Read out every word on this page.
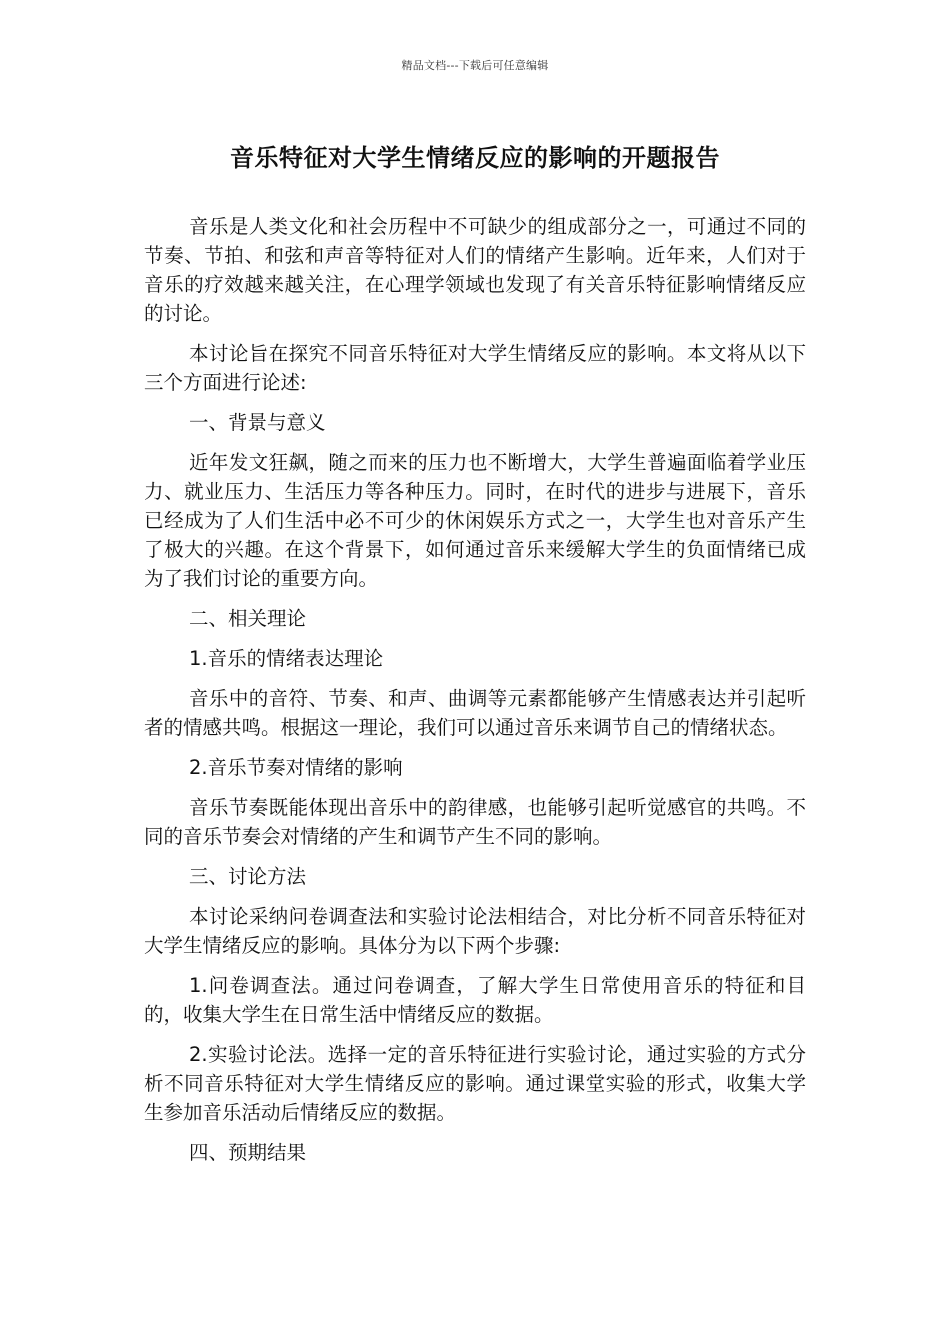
精品文档---下载后可任意编辑
音乐特征对大学生情绪反应的影响的开题报告

音乐是人类文化和社会历程中不可缺少的组成部分之一，可通过不同的节奏、节拍、和弦和声音等特征对人们的情绪产生影响。近年来，人们对于音乐的疗效越来越关注，在心理学领域也发现了有关音乐特征影响情绪反应的讨论。

本讨论旨在探究不同音乐特征对大学生情绪反应的影响。本文将从以下三个方面进行论述:

一、背景与意义

近年发文狂飙，随之而来的压力也不断增大，大学生普遍面临着学业压力、就业压力、生活压力等各种压力。同时，在时代的进步与进展下，音乐已经成为了人们生活中必不可少的休闲娱乐方式之一，大学生也对音乐产生了极大的兴趣。在这个背景下，如何通过音乐来缓解大学生的负面情绪已成为了我们讨论的重要方向。

二、相关理论

1.音乐的情绪表达理论

音乐中的音符、节奏、和声、曲调等元素都能够产生情感表达并引起听者的情感共鸣。根据这一理论，我们可以通过音乐来调节自己的情绪状态。

2.音乐节奏对情绪的影响

音乐节奏既能体现出音乐中的韵律感，也能够引起听觉感官的共鸣。不同的音乐节奏会对情绪的产生和调节产生不同的影响。

三、讨论方法

本讨论采纳问卷调查法和实验讨论法相结合，对比分析不同音乐特征对大学生情绪反应的影响。具体分为以下两个步骤:

1.问卷调查法。通过问卷调查，了解大学生日常使用音乐的特征和目的，收集大学生在日常生活中情绪反应的数据。

2.实验讨论法。选择一定的音乐特征进行实验讨论，通过实验的方式分析不同音乐特征对大学生情绪反应的影响。通过课堂实验的形式，收集大学生参加音乐活动后情绪反应的数据。

四、预期结果
